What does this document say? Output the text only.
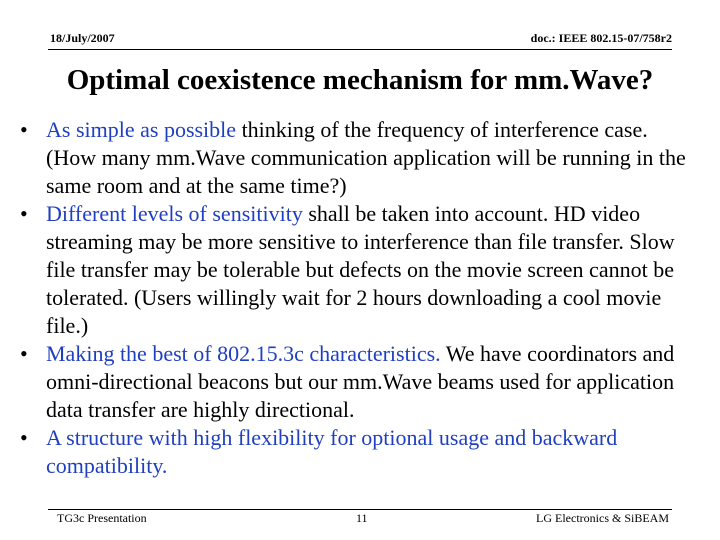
18/July/2007	doc.: IEEE 802.15-07/758r2
Optimal coexistence mechanism for mm.Wave?
• As simple as possible thinking of the frequency of interference case. (How many mm.Wave communication application will be running in the same room and at the same time?)
• Different levels of sensitivity shall be taken into account. HD video streaming may be more sensitive to interference than file transfer. Slow file transfer may be tolerable but defects on the movie screen cannot be tolerated. (Users willingly wait for 2 hours downloading a cool movie file.)
• Making the best of 802.15.3c characteristics. We have coordinators and omni-directional beacons but our mm.Wave beams used for application data transfer are highly directional.
• A structure with high flexibility for optional usage and backward compatibility.
TG3c Presentation	11	LG Electronics & SiBEAM
